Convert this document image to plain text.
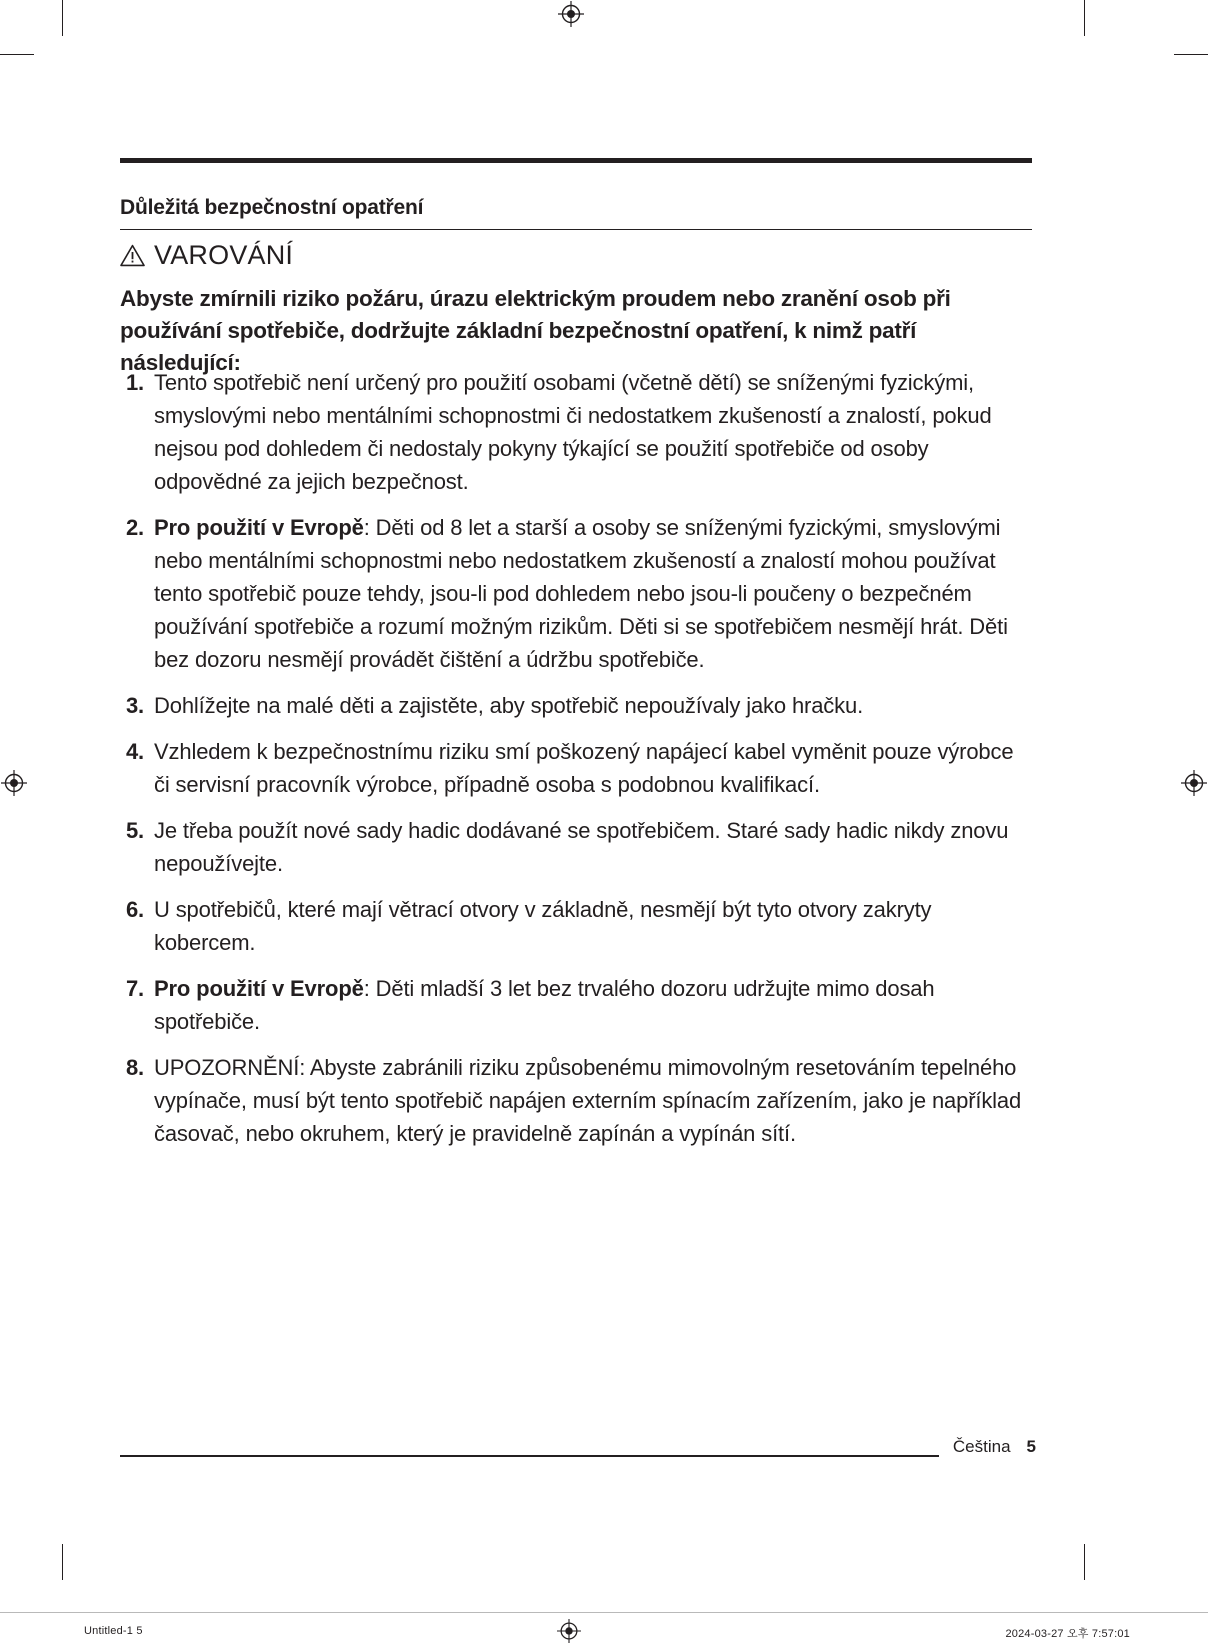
Důležitá bezpečnostní opatření
VAROVÁNÍ
Abyste zmírnili riziko požáru, úrazu elektrickým proudem nebo zranění osob při používání spotřebiče, dodržujte základní bezpečnostní opatření, k nimž patří následující:
1. Tento spotřebič není určený pro použití osobami (včetně dětí) se sníženými fyzickými, smyslovými nebo mentálními schopnostmi či nedostatkem zkušeností a znalostí, pokud nejsou pod dohledem či nedostaly pokyny týkající se použití spotřebiče od osoby odpovědné za jejich bezpečnost.
2. Pro použití v Evropě: Děti od 8 let a starší a osoby se sníženými fyzickými, smyslovými nebo mentálními schopnostmi nebo nedostatkem zkušeností a znalostí mohou používat tento spotřebič pouze tehdy, jsou-li pod dohledem nebo jsou-li poučeny o bezpečném používání spotřebiče a rozumí možným rizikům. Děti si se spotřebičem nesmějí hrát. Děti bez dozoru nesmějí provádět čištění a údržbu spotřebiče.
3. Dohlížejte na malé děti a zajistěte, aby spotřebič nepoužívaly jako hračku.
4. Vzhledem k bezpečnostnímu riziku smí poškozený napájecí kabel vyměnit pouze výrobce či servisní pracovník výrobce, případně osoba s podobnou kvalifikací.
5. Je třeba použít nové sady hadic dodávané se spotřebičem. Staré sady hadic nikdy znovu nepoužívejte.
6. U spotřebičů, které mají větrací otvory v základně, nesmějí být tyto otvory zakryty kobercem.
7. Pro použití v Evropě: Děti mladší 3 let bez trvalého dozoru udržujte mimo dosah spotřebiče.
8. UPOZORNĚNÍ: Abyste zabránili riziku způsobenému mimovolným resetováním tepelného vypínače, musí být tento spotřebič napájen externím spínacím zařízením, jako je například časovač, nebo okruhem, který je pravidelně zapínán a vypínán sítí.
Čeština 5
Untitled-1 5	2024-03-27 오후 7:57:01
